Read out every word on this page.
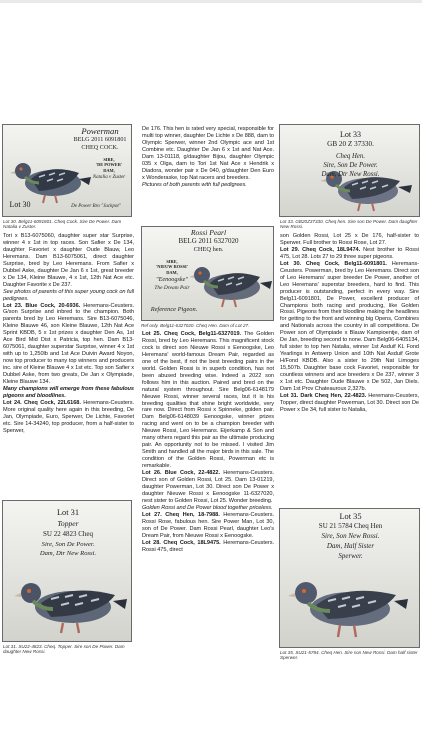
Powerman
BELG 2011 6091801
CHEQ COCK.
SIRE,
'DE POWER'
DAM,
Natalia v Zuster
Lot 30	De Power Bro "Jackpot"
Lot 30. Belg11-6091801. Cheq Cock. Sire De Power. Dam Natalia v Zuster.
Lot 33
GB 20 Z 37330.
Cheq Hen.
Sire, Son De Power.
Dam, Dtr New Rossi.
Lot 33. GB20Z37330. Cheq hen. Sire son De Power. Dam daughter New Rossi.
Rossi Pearl
BELG 2011 6327020
CHEQ hen.
SIRE,
'NIEUW ROSSI'
DAM,
"Eenoogske"
The Dream Pair
Reference Pigeon.
Ref only. Belg11-6327020. Cheq Hen. Dam of Lot 27.
Lot 31
Topper
SU 22 4823 Cheq
Sire, Son De Power.
Dam, Dtr New Rossi.
Lot 31. SU22-4823. Cheq. Topper. Sire son De Power. Dam daughter New Rossi.
Lot 35
SU 21 5784 Cheq Hen
Sire, Son New Rossi.
Dam, Half Sister
Sperwer.
Lot 35. SU21-5784. Cheq Hen. Sire son New Rossi. Dam half sister Sperwer.

Tori x B13-6075060, daughter super star Surprise, winner 4 x 1st in top races. Son Safier x De 134, daughter Favoriet x daughter Oude Blauw, Leo Heremans. Dam B13-6075061, direct daughter Surprise, bred by Leo Heremans. From Safier x Dubbel Aske, daughter De Jan 6 x 1st, great breeder x De 134, Kleine Blauwe, 4 x 1st, 12th Nat Ace etc. Daughter Favorite x De 237.

See photos of parents of this super young cock on full pedigrees.

Lot 23. Blue Cock, 20-6936. Heremans-Ceusters. G/son Surprise and inbred to the champion. Both parents bred by Leo Heremans. Sire B13-6075046, Kleine Blauwe 46, son Kleine Blauwe, 12th Nat Ace Sprint KBDB, 5 x 1st prizes x daughter Den As, 1st Ace Bird Mid Dist x Patricia, top hen. Dam B13-6075061, daughter superstar Surprise, winner 4 x 1st with up to 1,250lb and 1st Ace Duivin Award Noyon, now top producer to many top winners and producers inc. sire of Kleine Blauwe 4 x 1st etc. Top son Safier x Dubbel Aske, from two greats, De Jan x Olympiade, Kleine Blauwe 134.

Many champions will emerge from these fabulous pigeons and bloodlines.

Lot 24. Cheq Cock, 22L6168. Heremans-Ceusters. More original quality here again in this breeding, De Jan, Olympiade, Euro, Sperwer, De Lichte, Favoriet etc. Sire 14-34240, top producer, from a half-sister to Sperwer,

De 176. This hen is rated very special, responsible for multi top winner, daughter De Lichte x De 888, dam to Olympic Sperwer, winner 2nd Olympic ace and 1st Combine etc. Daughter De Jan 6 x 1st and Nat Ace. Dam 13-01118, g/daughter Bijou, daughter Olympic 035 x Olga, dam to Tori 1st Nat Ace x Hendrik x Diadora, wonder pair x De 040, g/daughter Den Euro x Wonderaske, top Nat racers and breeders.

Pictures of both parents with full pedigrees.

Lot 25. Cheq Cock, Belg11-6327019. The Golden Rossi, bred by Leo Heremans. This magnificent stock cock is direct son Nieuwe Rossi x Eenoogske, Leo Heremans' world-famous Dream Pair, regarded as one of the best, if not the best breeding pairs in the world. Golden Rossi is in superb condition, has not been abused breeding wise. Indeed a 2022 son follows him in this auction. Paired and bred on the natural system throughout. Sire Belg06-6148179 Nieuwe Rossi, winner several races, but it is his breeding qualities that shine bright worldwide, very rare now. Direct from Rossi x Spinneke, golden pair. Dam Belg06-6148039 Eenoogske, winner prizes racing and went on to be a champion breeder with Nieuwe Rossi, Leo Heremans. Eijerkamp & Son and many others regard this pair as the ultimate producing pair. An opportunity not to be missed. I visited Jim Smith and handled all the major birds in this sale. The condition of the Golden Rossi, Powerman etc is remarkable.

Lot 26. Blue Cock, 22-4822. Heremans-Ceusters. Direct son of Golden Rossi, Lot 25. Dam 13-01219, daughter Powerman, Lot 30. Direct son De Power x daughter Nieuwe Rossi x Eenoogske 11-6327020, nest sister to Golden Rossi, Lot 25. Wonder breeding.

Golden Rossi and De Power blood together priceless.

Lot 27. Cheq Hen, 18-7988. Heremans-Ceusters. Rossi Rose, fabulous hen. Sire Power Man, Lot 30, son of De Power. Dam Rossi Pearl, daughter Leo's Dream Pair, from Nieuwe Rossi x Eenoogske.

Lot 28. Cheq Cock, 18L9475. Heremans-Ceusters. Rossi 475, direct

son Golden Rossi, Lot 25 x De 176, half-sister to Sperwer. Full brother to Rossi Rose, Lot 27.

Lot 29. Cheq Cock, 18L9474. Nest brother to Rossi 475, Lot 28. Lots 27 to 29 three super pigeons.

Lot 30. Cheq Cock, Belg11-6091801. Heremans-Ceusters. Powerman, bred by Leo Heremans. Direct son of Leo Heremans' super breeder De Power, another of Leo Heremans' superstar breeders, hard to find. This producer is outstanding, perfect in every way. Sire Belg11-6091801, De Power, excellent producer of Champions both racing and producing, like Golden Rossi. Pigeons from their bloodline making the headlines for getting to the front and winning big Opens, Combines and Nationals across the country in all competitions. De Power son of Olympiade x Blauw Kampioentje, dam of De Jan, breeding second to none. Dam Belg06-6405134, full sister to top hen Natalia, winner 1st Asduif KL Fond Yearlings in Antwerp Union and 10th Nat Asduif Grote H/Fond KBDB. Also a sister to 29th Nat Limoges 15,507b. Daughter base cock Favoriet, responsible for countless winners and ace breeders x De 237, winner 3 x 1st etc. Daughter Oude Blauwe x De 502, Jan Diels. Dam 1st Prov Chateauroux 2,327b.

Lot 31. Dark Cheq Hen, 22-4823. Heremans-Ceusters, Topper, direct daughter Powerman, Lot 30. Direct son De Power x De 34, full sister to Natalia,
